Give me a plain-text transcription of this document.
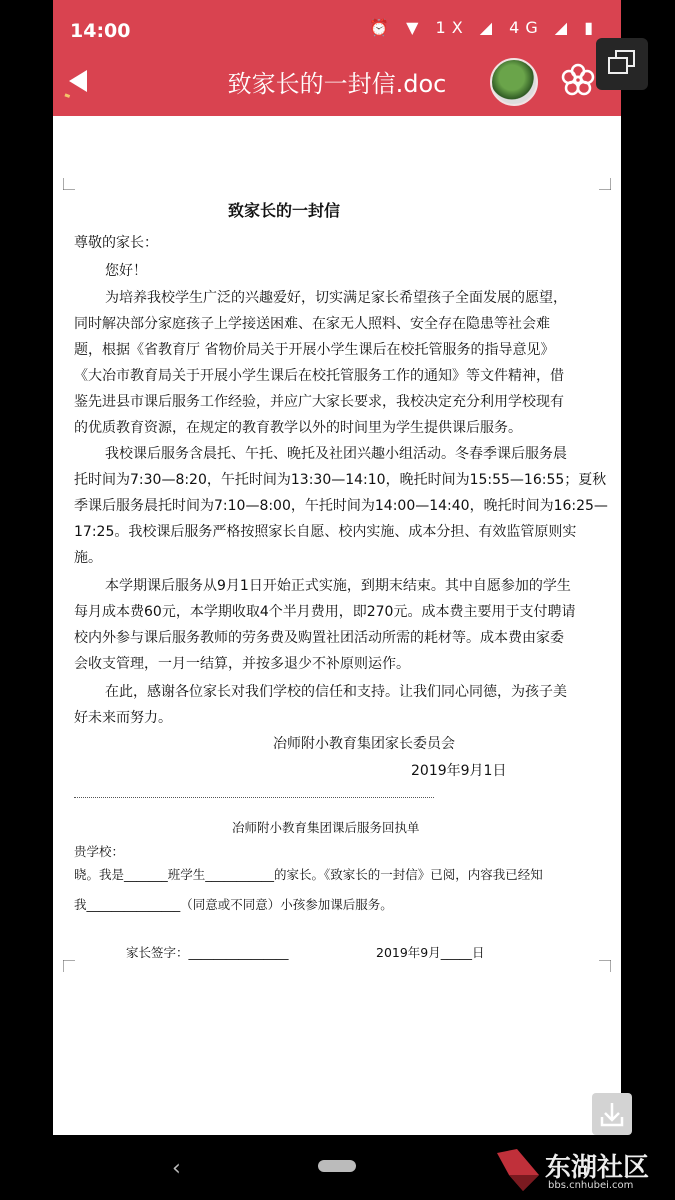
14:00	⏰ ▼ 1X ◢ 4G ◢ ▮
致家长的一封信.doc
致家长的一封信
尊敬的家长：
您好！
为培养我校学生广泛的兴趣爱好，切实满足家长希望孩子全面发展的愿望，
同时解决部分家庭孩子上学接送困难、在家无人照料、安全存在隐患等社会难
题，根据《省教育厅 省物价局关于开展小学生课后在校托管服务的指导意见》
《大冶市教育局关于开展小学生课后在校托管服务工作的通知》等文件精神，借
鉴先进县市课后服务工作经验，并应广大家长要求，我校决定充分利用学校现有
的优质教育资源，在规定的教育教学以外的时间里为学生提供课后服务。
我校课后服务含晨托、午托、晚托及社团兴趣小组活动。冬春季课后服务晨
托时间为7:30—8:20，午托时间为13:30—14:10，晚托时间为15:55—16:55；夏秋
季课后服务晨托时间为7:10—8:00，午托时间为14:00—14:40，晚托时间为16:25—
17:25。我校课后服务严格按照家长自愿、校内实施、成本分担、有效监管原则实
施。
本学期课后服务从9月1日开始正式实施，到期末结束。其中自愿参加的学生
每月成本费60元，本学期收取4个半月费用，即270元。成本费主要用于支付聘请
校内外参与课后服务教师的劳务费及购置社团活动所需的耗材等。成本费由家委
会收支管理，一月一结算，并按多退少不补原则运作。
在此，感谢各位家长对我们学校的信任和支持。让我们同心同德，为孩子美
好未来而努力。
冶师附小教育集团家长委员会
2019年9月1日
冶师附小教育集团课后服务回执单
贵学校：
晓。我是_______班学生___________的家长。《致家长的一封信》已阅，内容我已经知
我_______________（同意或不同意）小孩参加课后服务。
家长签字：________________	2019年9月_____日
‹	东湖社区
bbs.cnhubei.com
